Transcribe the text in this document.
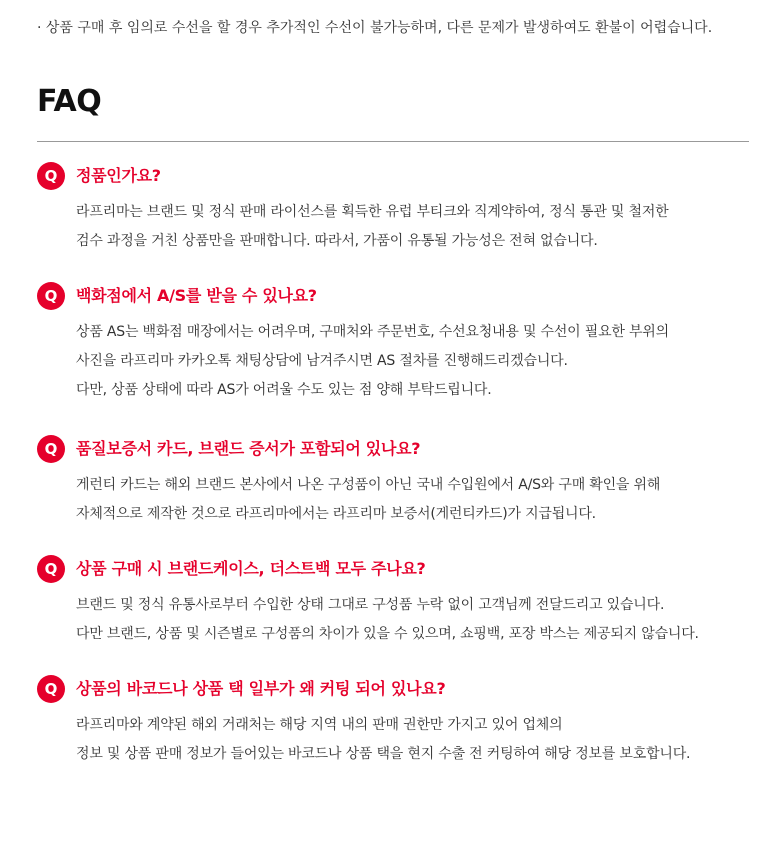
· 상품 구매 후 임의로 수선을 할 경우 추가적인 수선이 불가능하며, 다른 문제가 발생하여도 환불이 어렵습니다.
FAQ
Q	정품인가요?
라프리마는 브랜드 및 정식 판매 라이선스를 획득한 유럽 부티크와 직계약하여, 정식 통관 및 철저한
검수 과정을 거친 상품만을 판매합니다. 따라서, 가품이 유통될 가능성은 전혀 없습니다.
Q	백화점에서 A/S를 받을 수 있나요?
상품 AS는 백화점 매장에서는 어려우며, 구매처와 주문번호, 수선요청내용 및 수선이 필요한 부위의
사진을 라프리마 카카오톡 채팅상담에 남겨주시면 AS 절차를 진행해드리겠습니다.
다만, 상품 상태에 따라 AS가 어려울 수도 있는 점 양해 부탁드립니다.
Q	품질보증서 카드, 브랜드 증서가 포함되어 있나요?
게런티 카드는 해외 브랜드 본사에서 나온 구성품이 아닌 국내 수입원에서 A/S와 구매 확인을 위해
자체적으로 제작한 것으로 라프리마에서는 라프리마 보증서(게런티카드)가 지급됩니다.
Q	상품 구매 시 브랜드케이스, 더스트백 모두 주나요?
브랜드 및 정식 유통사로부터 수입한 상태 그대로 구성품 누락 없이 고객님께 전달드리고 있습니다.
다만 브랜드, 상품 및 시즌별로 구성품의 차이가 있을 수 있으며, 쇼핑백, 포장 박스는 제공되지 않습니다.
Q	상품의 바코드나 상품 택 일부가 왜 커팅 되어 있나요?
라프리마와 계약된 해외 거래처는 해당 지역 내의 판매 권한만 가지고 있어 업체의
정보 및 상품 판매 정보가 들어있는 바코드나 상품 택을 현지 수출 전 커팅하여 해당 정보를 보호합니다.
